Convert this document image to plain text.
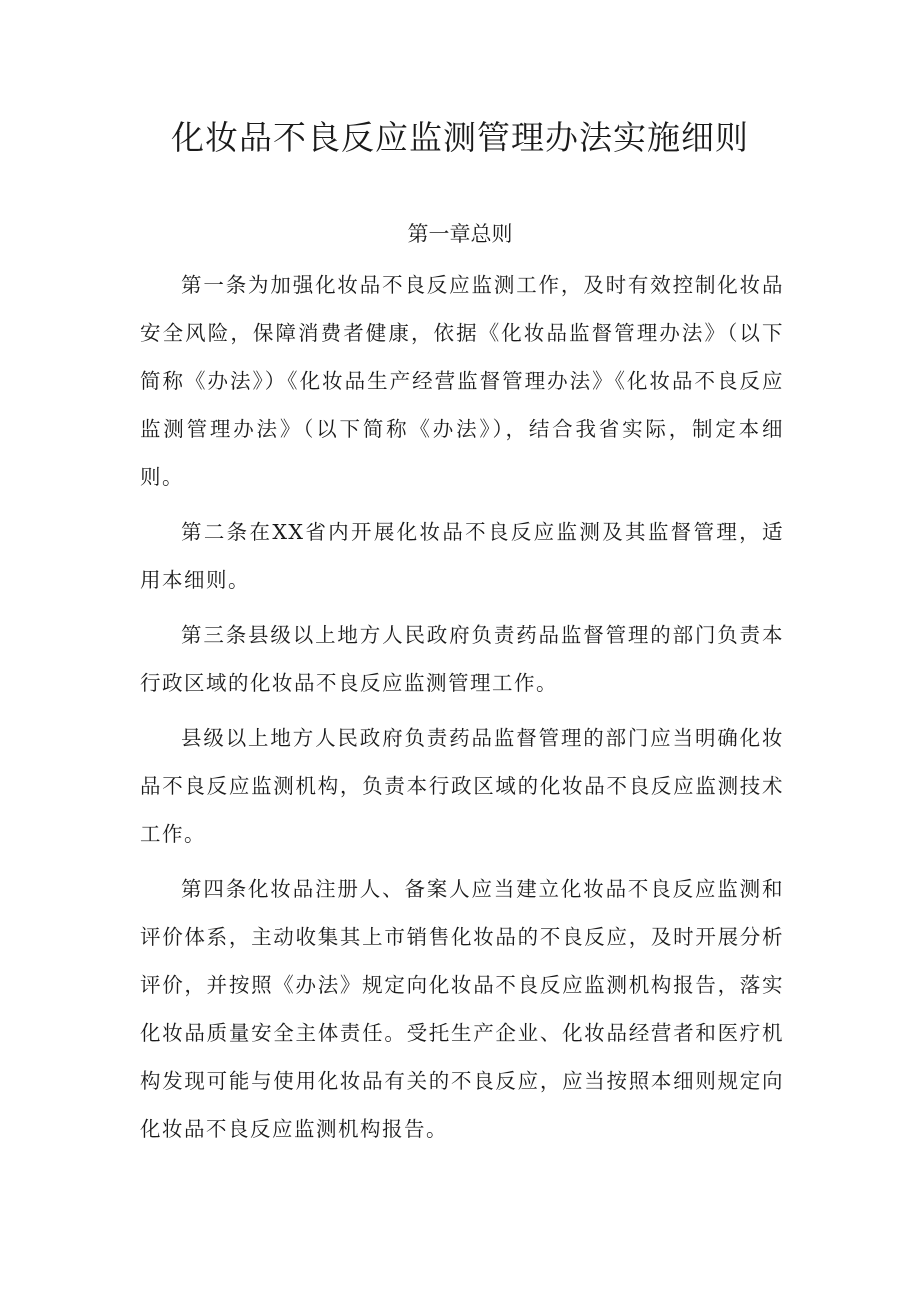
化妆品不良反应监测管理办法实施细则
第一章总则

第一条为加强化妆品不良反应监测工作，及时有效控制化妆品安全风险，保障消费者健康，依据《化妆品监督管理办法》（以下简称《办法》）《化妆品生产经营监督管理办法》《化妆品不良反应监测管理办法》（以下简称《办法》），结合我省实际，制定本细则。

第二条在XX省内开展化妆品不良反应监测及其监督管理，适用本细则。

第三条县级以上地方人民政府负责药品监督管理的部门负责本行政区域的化妆品不良反应监测管理工作。

县级以上地方人民政府负责药品监督管理的部门应当明确化妆品不良反应监测机构，负责本行政区域的化妆品不良反应监测技术工作。

第四条化妆品注册人、备案人应当建立化妆品不良反应监测和评价体系，主动收集其上市销售化妆品的不良反应，及时开展分析评价，并按照《办法》规定向化妆品不良反应监测机构报告，落实化妆品质量安全主体责任。受托生产企业、化妆品经营者和医疗机构发现可能与使用化妆品有关的不良反应，应当按照本细则规定向化妆品不良反应监测机构报告。
